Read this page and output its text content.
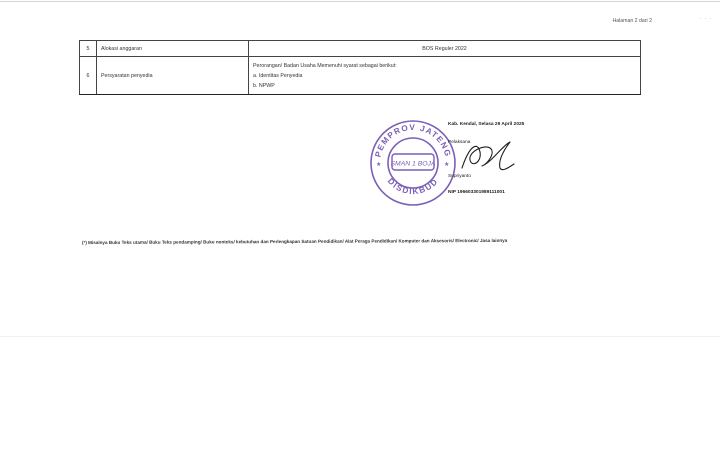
· · ·
Halaman 2 dari 2
5	Alokasi anggaran	BOS Reguler 2022
6	Persyaratan penyedia	Perorangan/ Badan Usaha Memenuhi syarat sebagai berikut:
a. Identitas Penyedia
b. NPWP
PEMPROV JATENG
DISDIKBUD
SMAN 1 BOJA
★	★
Kab. Kendal, Selasa 29 April 2025
Pelaksana
Supriyanto
NIP 196603301989111001
(*) Misalnya Buku Teks utama/ Buku Teks pendamping/ Buku nonteks/ kebutuhan dan Perlengkapan Satuan Pendidikan/ Alat Peraga Pendidikan/ Komputer dan Aksesoris/ Electronic/ Jasa lainnya
